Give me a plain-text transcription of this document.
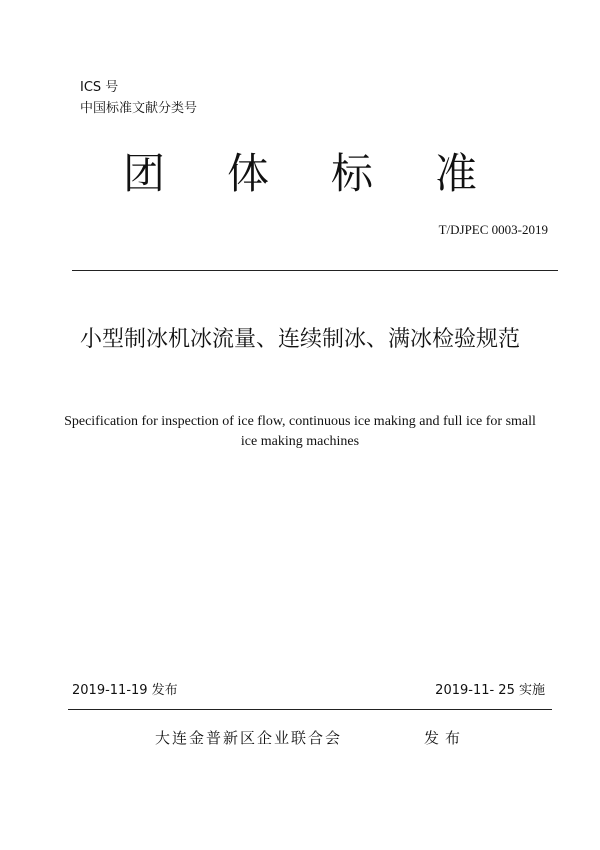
ICS 号
中国标准文献分类号
团 体 标 准
T/DJPEC 0003-2019
小型制冰机冰流量、连续制冰、满冰检验规范
Specification for inspection of ice flow, continuous ice making and full ice for small ice making machines
2019-11-19 发布	2019-11- 25 实施
大连金普新区企业联合会	发布
